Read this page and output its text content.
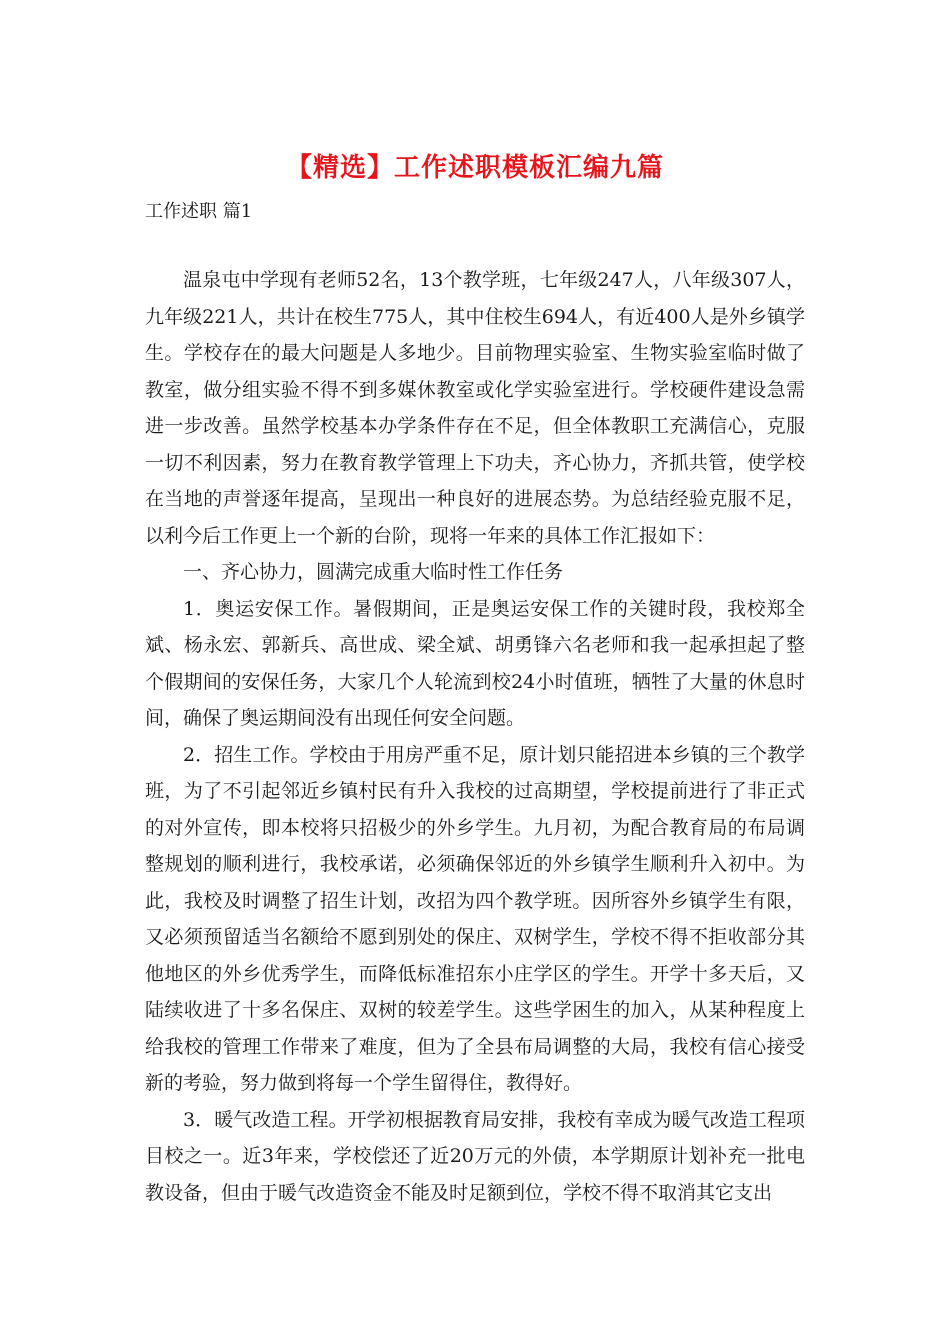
【精选】工作述职模板汇编九篇
工作述职 篇1

温泉屯中学现有老师52名，13个教学班，七年级247人，八年级307人，九年级221人，共计在校生775人，其中住校生694人，有近400人是外乡镇学生。学校存在的最大问题是人多地少。目前物理实验室、生物实验室临时做了教室，做分组实验不得不到多媒休教室或化学实验室进行。学校硬件建设急需进一步改善。虽然学校基本办学条件存在不足，但全体教职工充满信心，克服一切不利因素，努力在教育教学管理上下功夫，齐心协力，齐抓共管，使学校在当地的声誉逐年提高，呈现出一种良好的进展态势。为总结经验克服不足，以利今后工作更上一个新的台阶，现将一年来的具体工作汇报如下：

一、齐心协力，圆满完成重大临时性工作任务

1．奥运安保工作。暑假期间，正是奥运安保工作的关键时段，我校郑全斌、杨永宏、郭新兵、高世成、梁全斌、胡勇锋六名老师和我一起承担起了整个假期间的安保任务，大家几个人轮流到校24小时值班，牺牲了大量的休息时间，确保了奥运期间没有出现任何安全问题。

2．招生工作。学校由于用房严重不足，原计划只能招进本乡镇的三个教学班，为了不引起邻近乡镇村民有升入我校的过高期望，学校提前进行了非正式的对外宣传，即本校将只招极少的外乡学生。九月初，为配合教育局的布局调整规划的顺利进行，我校承诺，必须确保邻近的外乡镇学生顺利升入初中。为此，我校及时调整了招生计划，改招为四个教学班。因所容外乡镇学生有限，又必须预留适当名额给不愿到别处的保庄、双树学生，学校不得不拒收部分其他地区的外乡优秀学生，而降低标准招东小庄学区的学生。开学十多天后，又陆续收进了十多名保庄、双树的较差学生。这些学困生的加入，从某种程度上给我校的管理工作带来了难度，但为了全县布局调整的大局，我校有信心接受新的考验，努力做到将每一个学生留得住，教得好。

3．暖气改造工程。开学初根据教育局安排，我校有幸成为暖气改造工程项目校之一。近3年来，学校偿还了近20万元的外债，本学期原计划补充一批电教设备，但由于暖气改造资金不能及时足额到位，学校不得不取消其它支出
